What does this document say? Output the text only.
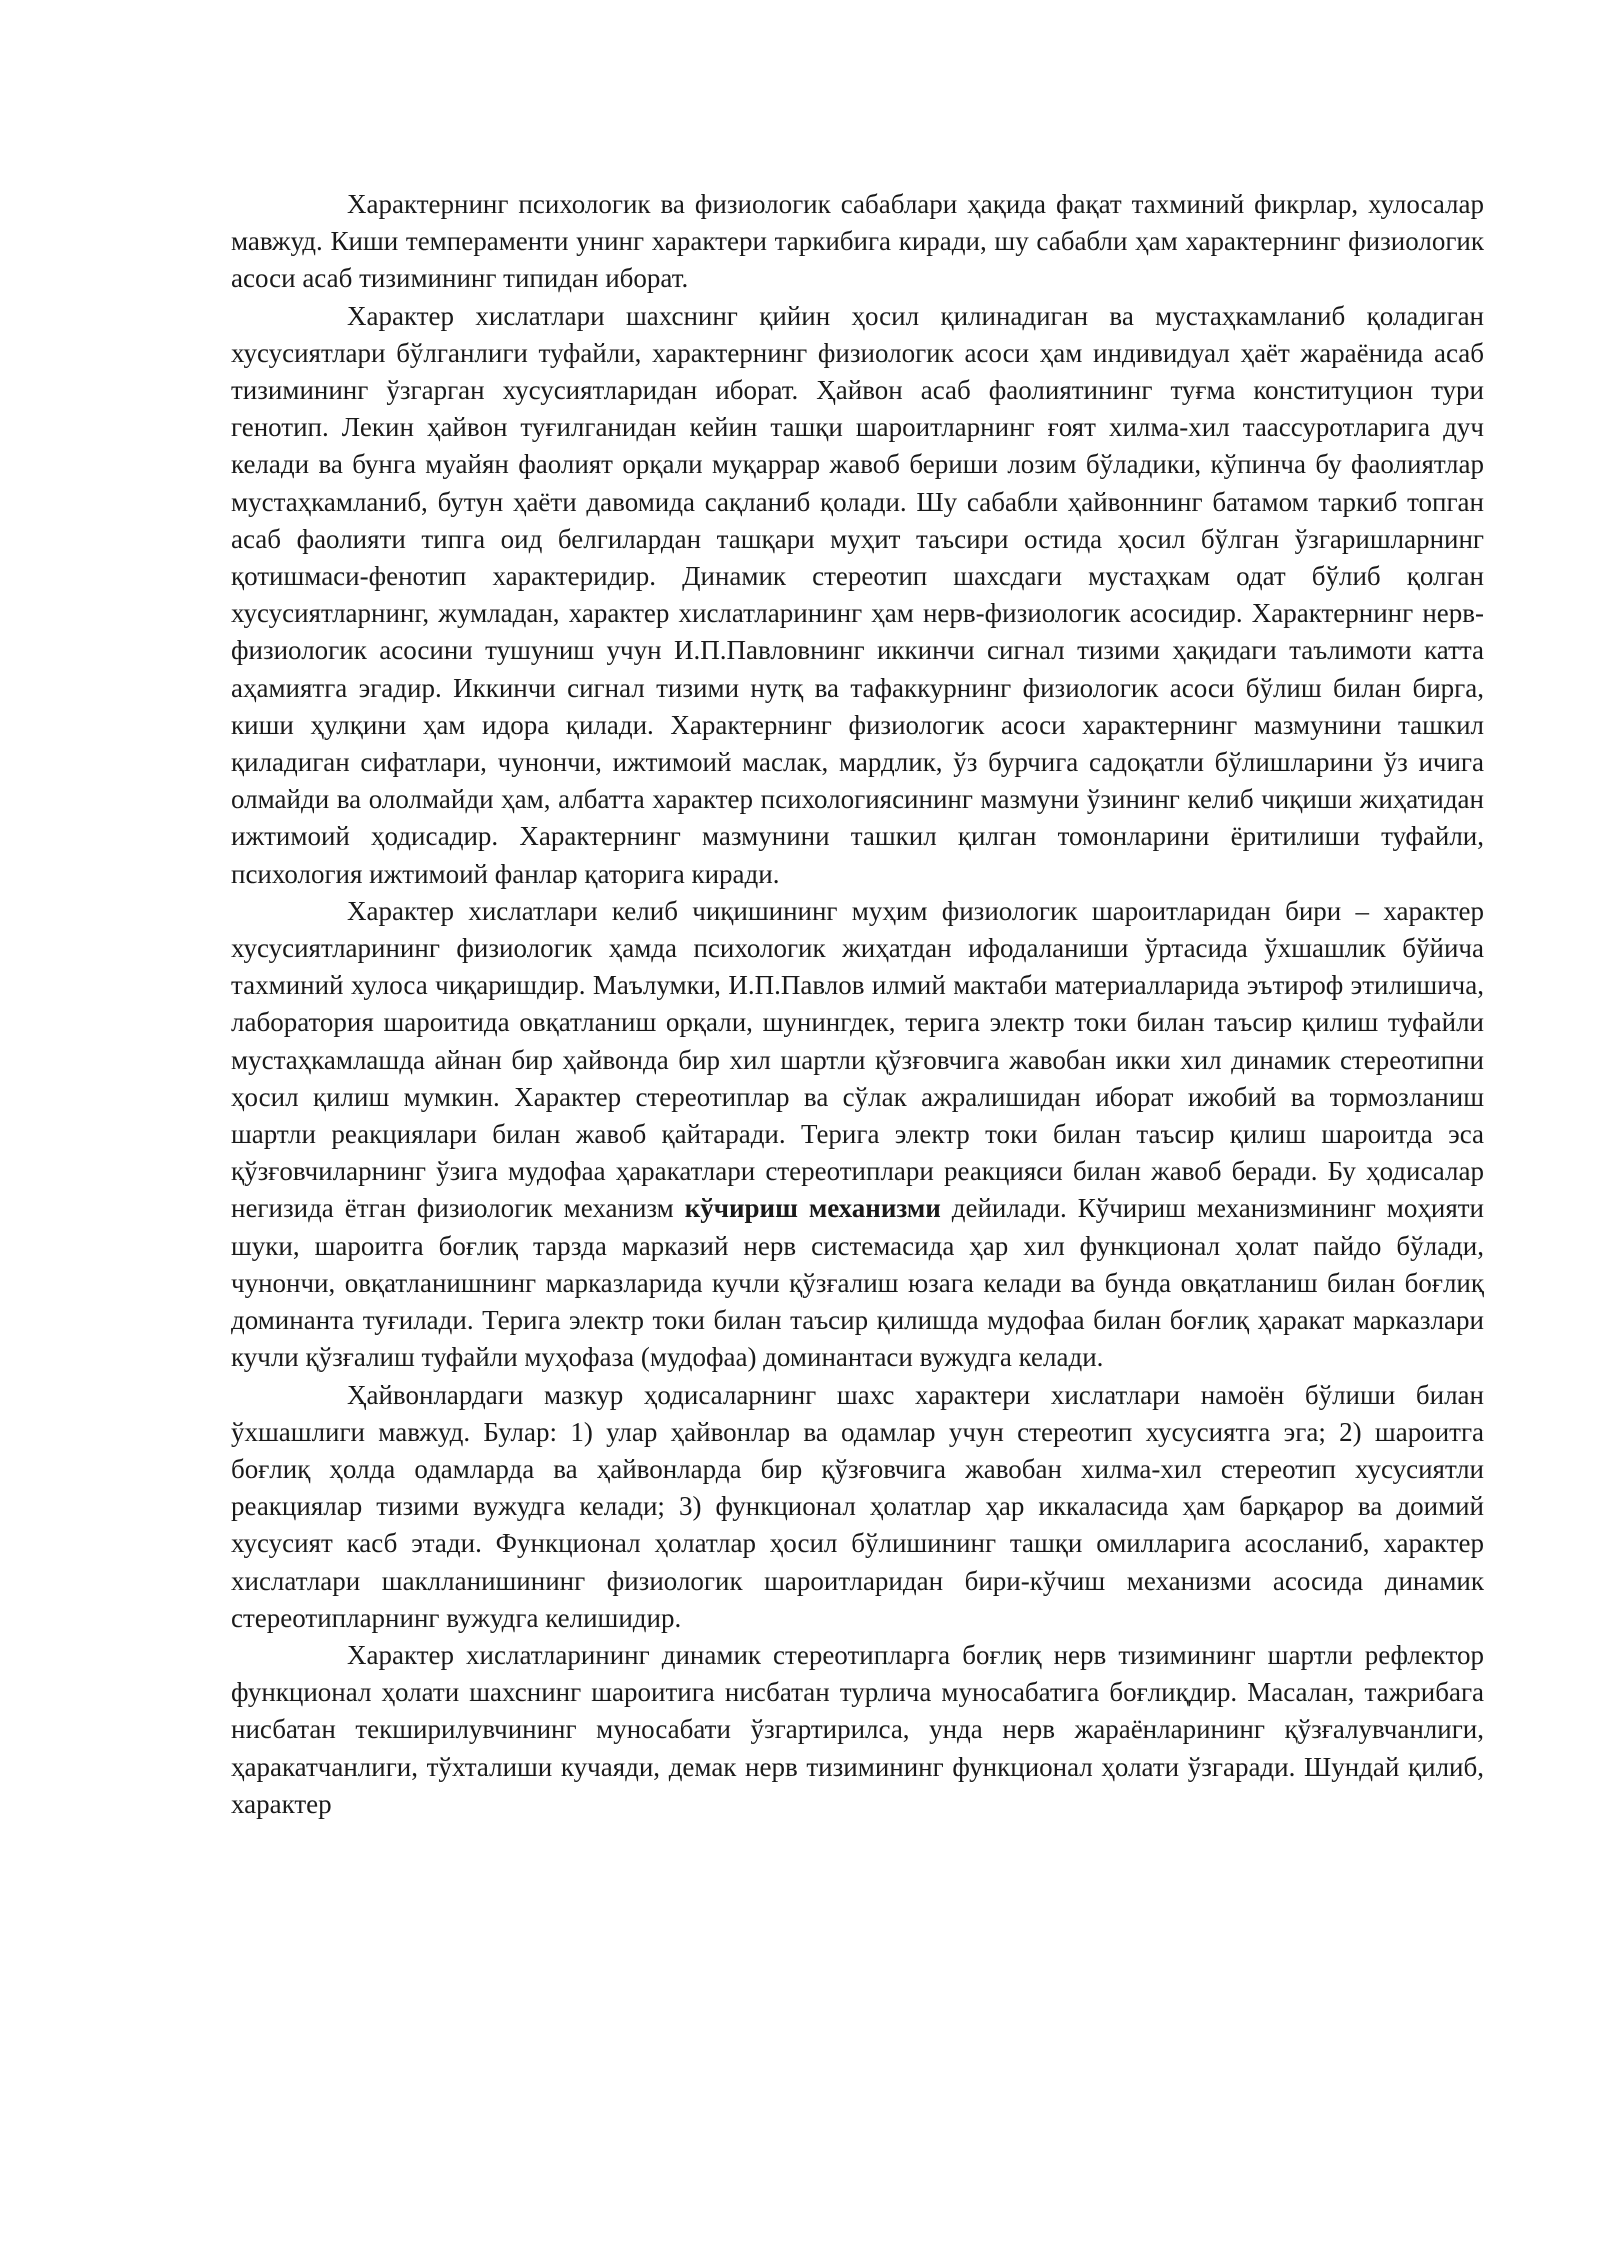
Характернинг психологик ва физиологик сабаблари ҳақида фақат тахминий фикрлар, хулосалар мавжуд. Киши темпераменти унинг характери таркибига киради, шу сабабли ҳам характернинг физиологик асоси асаб тизимининг типидан иборат.

Характер хислатлари шахснинг қийин ҳосил қилинадиган ва мустаҳкамланиб қоладиган хусусиятлари бўлганлиги туфайли, характернинг физиологик асоси ҳам индивидуал ҳаёт жараёнида асаб тизимининг ўзгарган хусусиятларидан иборат. Ҳайвон асаб фаолиятининг туғма конституцион тури генотип. Лекин ҳайвон туғилганидан кейин ташқи шароитларнинг ғоят хилма-хил таассуротларига дуч келади ва бунга муайян фаолият орқали муқаррар жавоб бериши лозим бўладики, кўпинча бу фаолиятлар мустаҳкамланиб, бутун ҳаёти давомида сақланиб қолади. Шу сабабли ҳайвоннинг батамом таркиб топган асаб фаолияти типга оид белгилардан ташқари муҳит таъсири остида ҳосил бўлган ўзгаришларнинг қотишмаси-фенотип характеридир. Динамик стереотип шахсдаги мустаҳкам одат бўлиб қолган хусусиятларнинг, жумладан, характер хислатларининг ҳам нерв-физиологик асосидир. Характернинг нерв-физиологик асосини тушуниш учун И.П.Павловнинг иккинчи сигнал тизими ҳақидаги таълимоти катта аҳамиятга эгадир. Иккинчи сигнал тизими нутқ ва тафаккурнинг физиологик асоси бўлиш билан бирга, киши ҳулқини ҳам идора қилади. Характернинг физиологик асоси характернинг мазмунини ташкил қиладиган сифатлари, чунончи, ижтимоий маслак, мардлик, ўз бурчига садоқатли бўлишларини ўз ичига олмайди ва ололмайди ҳам, албатта характер психологиясининг мазмуни ўзининг келиб чиқиши жиҳатидан ижтимоий ҳодисадир. Характернинг мазмунини ташкил қилган томонларини ёритилиши туфайли, психология ижтимоий фанлар қаторига киради.

Характер хислатлари келиб чиқишининг муҳим физиологик шароитларидан бири – характер хусусиятларининг физиологик ҳамда психологик жиҳатдан ифодаланиши ўртасида ўхшашлик бўйича тахминий хулоса чиқаришдир. Маълумки, И.П.Павлов илмий мактаби материалларида эътироф этилишича, лаборатория шароитида овқатланиш орқали, шунингдек, терига электр токи билан таъсир қилиш туфайли мустаҳкамлашда айнан бир ҳайвонда бир хил шартли қўзғовчига жавобан икки хил динамик стереотипни ҳосил қилиш мумкин. Характер стереотиплар ва сўлак ажралишидан иборат ижобий ва тормозланиш шартли реакциялари билан жавоб қайтаради. Терига электр токи билан таъсир қилиш шароитда эса қўзғовчиларнинг ўзига мудофаа ҳаракатлари стереотиплари реакцияси билан жавоб беради. Бу ҳодисалар негизида ётган физиологик механизм кўчириш механизми дейилади. Кўчириш механизмининг моҳияти шуки, шароитга боғлиқ тарзда марказий нерв системасида ҳар хил функционал ҳолат пайдо бўлади, чунончи, овқатланишнинг марказларида кучли қўзғалиш юзага келади ва бунда овқатланиш билан боғлиқ доминанта туғилади. Терига электр токи билан таъсир қилишда мудофаа билан боғлиқ ҳаракат марказлари кучли қўзғалиш туфайли муҳофаза (мудофаа) доминантаси вужудга келади.

Ҳайвонлардаги мазкур ҳодисаларнинг шахс характери хислатлари намоён бўлиши билан ўхшашлиги мавжуд. Булар: 1) улар ҳайвонлар ва одамлар учун стереотип хусусиятга эга; 2) шароитга боғлиқ ҳолда одамларда ва ҳайвонларда бир қўзғовчига жавобан хилма-хил стереотип хусусиятли реакциялар тизими вужудга келади; 3) функционал ҳолатлар ҳар иккаласида ҳам барқарор ва доимий хусусият касб этади. Функционал ҳолатлар ҳосил бўлишининг ташқи омилларига асосланиб, характер хислатлари шаклланишининг физиологик шароитларидан бири-кўчиш механизми асосида динамик стереотипларнинг вужудга келишидир.

Характер хислатларининг динамик стереотипларга боғлиқ нерв тизимининг шартли рефлектор функционал ҳолати шахснинг шароитига нисбатан турлича муносабатига боғлиқдир. Масалан, тажрибага нисбатан текширилувчининг муносабати ўзгартирилса, унда нерв жараёнларининг қўзғалувчанлиги, ҳаракатчанлиги, тўхталиши кучаяди, демак нерв тизимининг функционал ҳолати ўзгаради. Шундай қилиб, характер
